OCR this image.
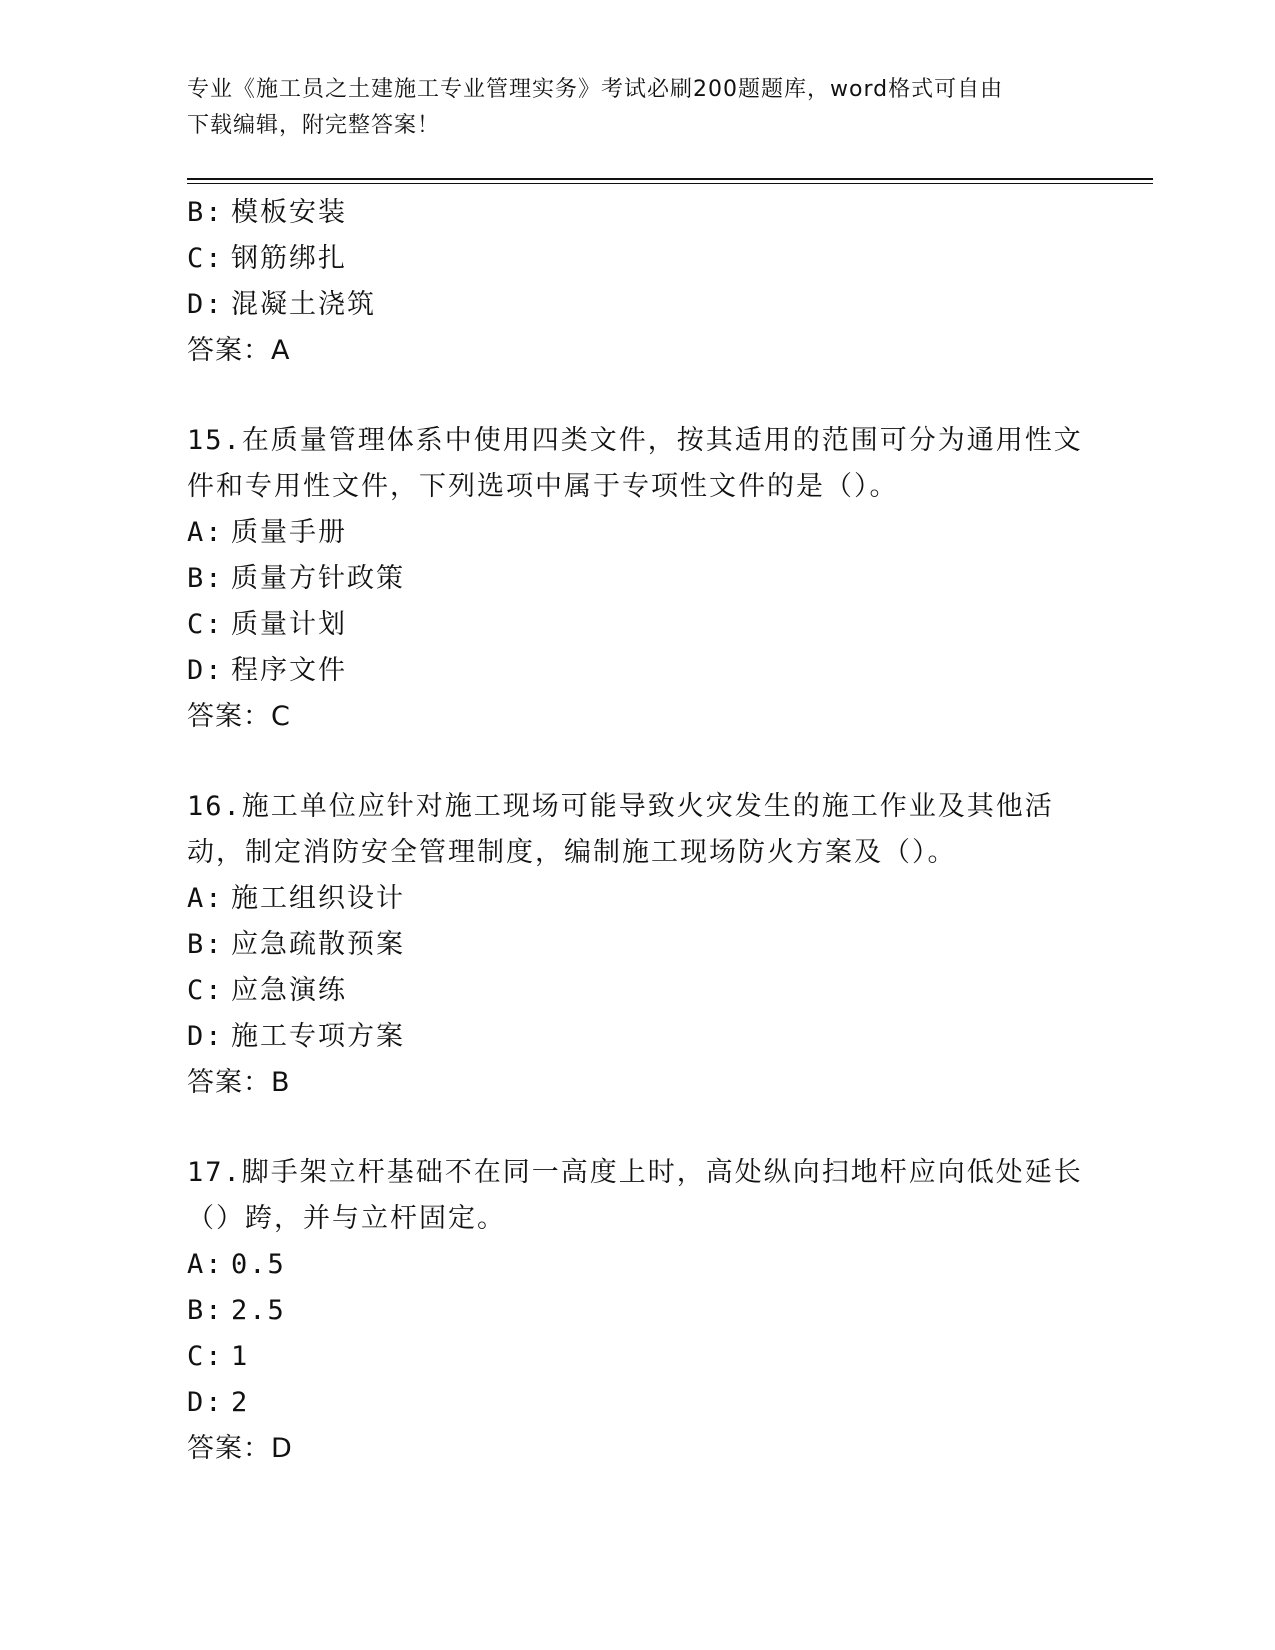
专业《施工员之土建施工专业管理实务》考试必刷200题题库，word格式可自由
下载编辑，附完整答案！
B: 模板安装
C: 钢筋绑扎
D: 混凝土浇筑
答案：A
15.在质量管理体系中使用四类文件，按其适用的范围可分为通用性文件和专用性文件，下列选项中属于专项性文件的是（）。
A: 质量手册
B: 质量方针政策
C: 质量计划
D: 程序文件
答案：C
16.施工单位应针对施工现场可能导致火灾发生的施工作业及其他活动，制定消防安全管理制度，编制施工现场防火方案及（）。
A: 施工组织设计
B: 应急疏散预案
C: 应急演练
D: 施工专项方案
答案：B
17.脚手架立杆基础不在同一高度上时，高处纵向扫地杆应向低处延长（）跨，并与立杆固定。
A: 0.5
B: 2.5
C: 1
D: 2
答案：D
